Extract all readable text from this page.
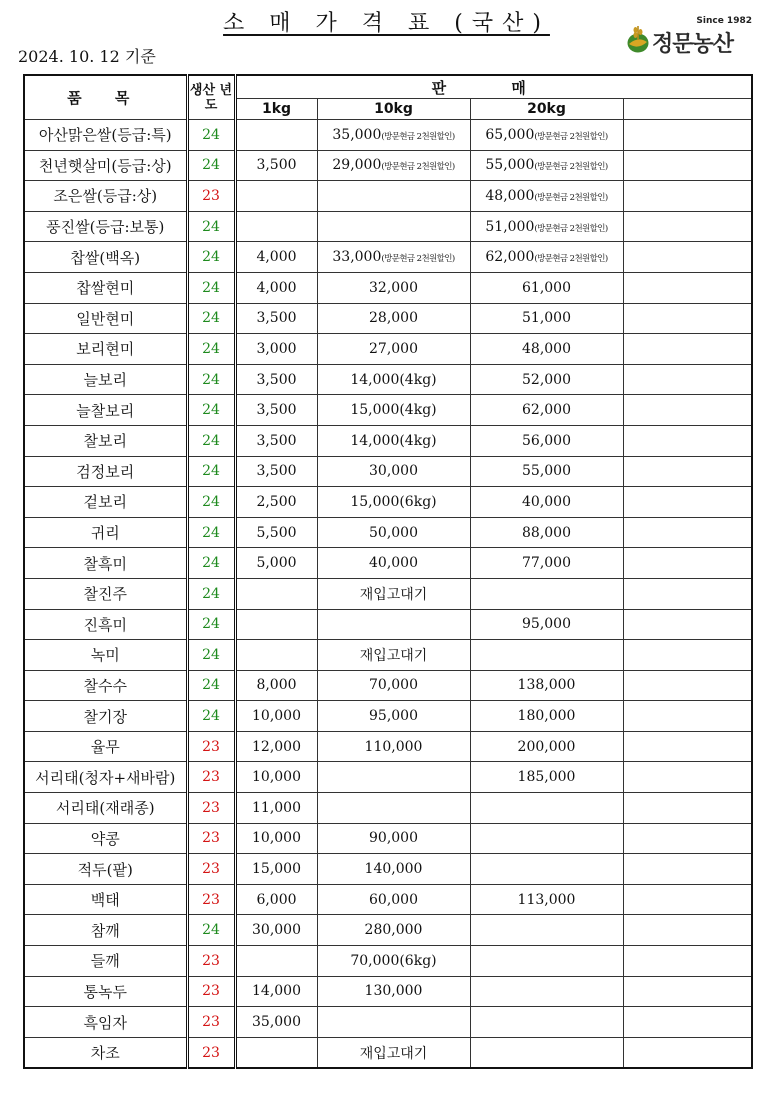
소 매 가 격 표 (국산)
2024. 10. 12 기준
Since 1982
정문농산
품 목	생산 년도	판 매			
		1kg	10kg	20kg	
아산맑은쌀(등급:특)	24		35,000(방문현금 2천원할인)	65,000(방문현금 2천원할인)	
천년햇살미(등급:상)	24	3,500	29,000(방문현금 2천원할인)	55,000(방문현금 2천원할인)	
조은쌀(등급:상)	23			48,000(방문현금 2천원할인)	
풍진쌀(등급:보통)	24			51,000(방문현금 2천원할인)	
찹쌀(백옥)	24	4,000	33,000(방문현금 2천원할인)	62,000(방문현금 2천원할인)	
찹쌀현미	24	4,000	32,000	61,000	
일반현미	24	3,500	28,000	51,000	
보리현미	24	3,000	27,000	48,000	
늘보리	24	3,500	14,000(4kg)	52,000	
늘찰보리	24	3,500	15,000(4kg)	62,000	
찰보리	24	3,500	14,000(4kg)	56,000	
검정보리	24	3,500	30,000	55,000	
겉보리	24	2,500	15,000(6kg)	40,000	
귀리	24	5,500	50,000	88,000	
찰흑미	24	5,000	40,000	77,000	
찰진주	24		재입고대기		
진흑미	24			95,000	
녹미	24		재입고대기		
찰수수	24	8,000	70,000	138,000	
찰기장	24	10,000	95,000	180,000	
율무	23	12,000	110,000	200,000	
서리태(청자+새바람)	23	10,000		185,000	
서리태(재래종)	23	11,000			
약콩	23	10,000	90,000		
적두(팥)	23	15,000	140,000		
백태	23	6,000	60,000	113,000	
참깨	24	30,000	280,000		
들깨	23		70,000(6kg)		
통녹두	23	14,000	130,000		
흑임자	23	35,000			
차조	23		재입고대기		
